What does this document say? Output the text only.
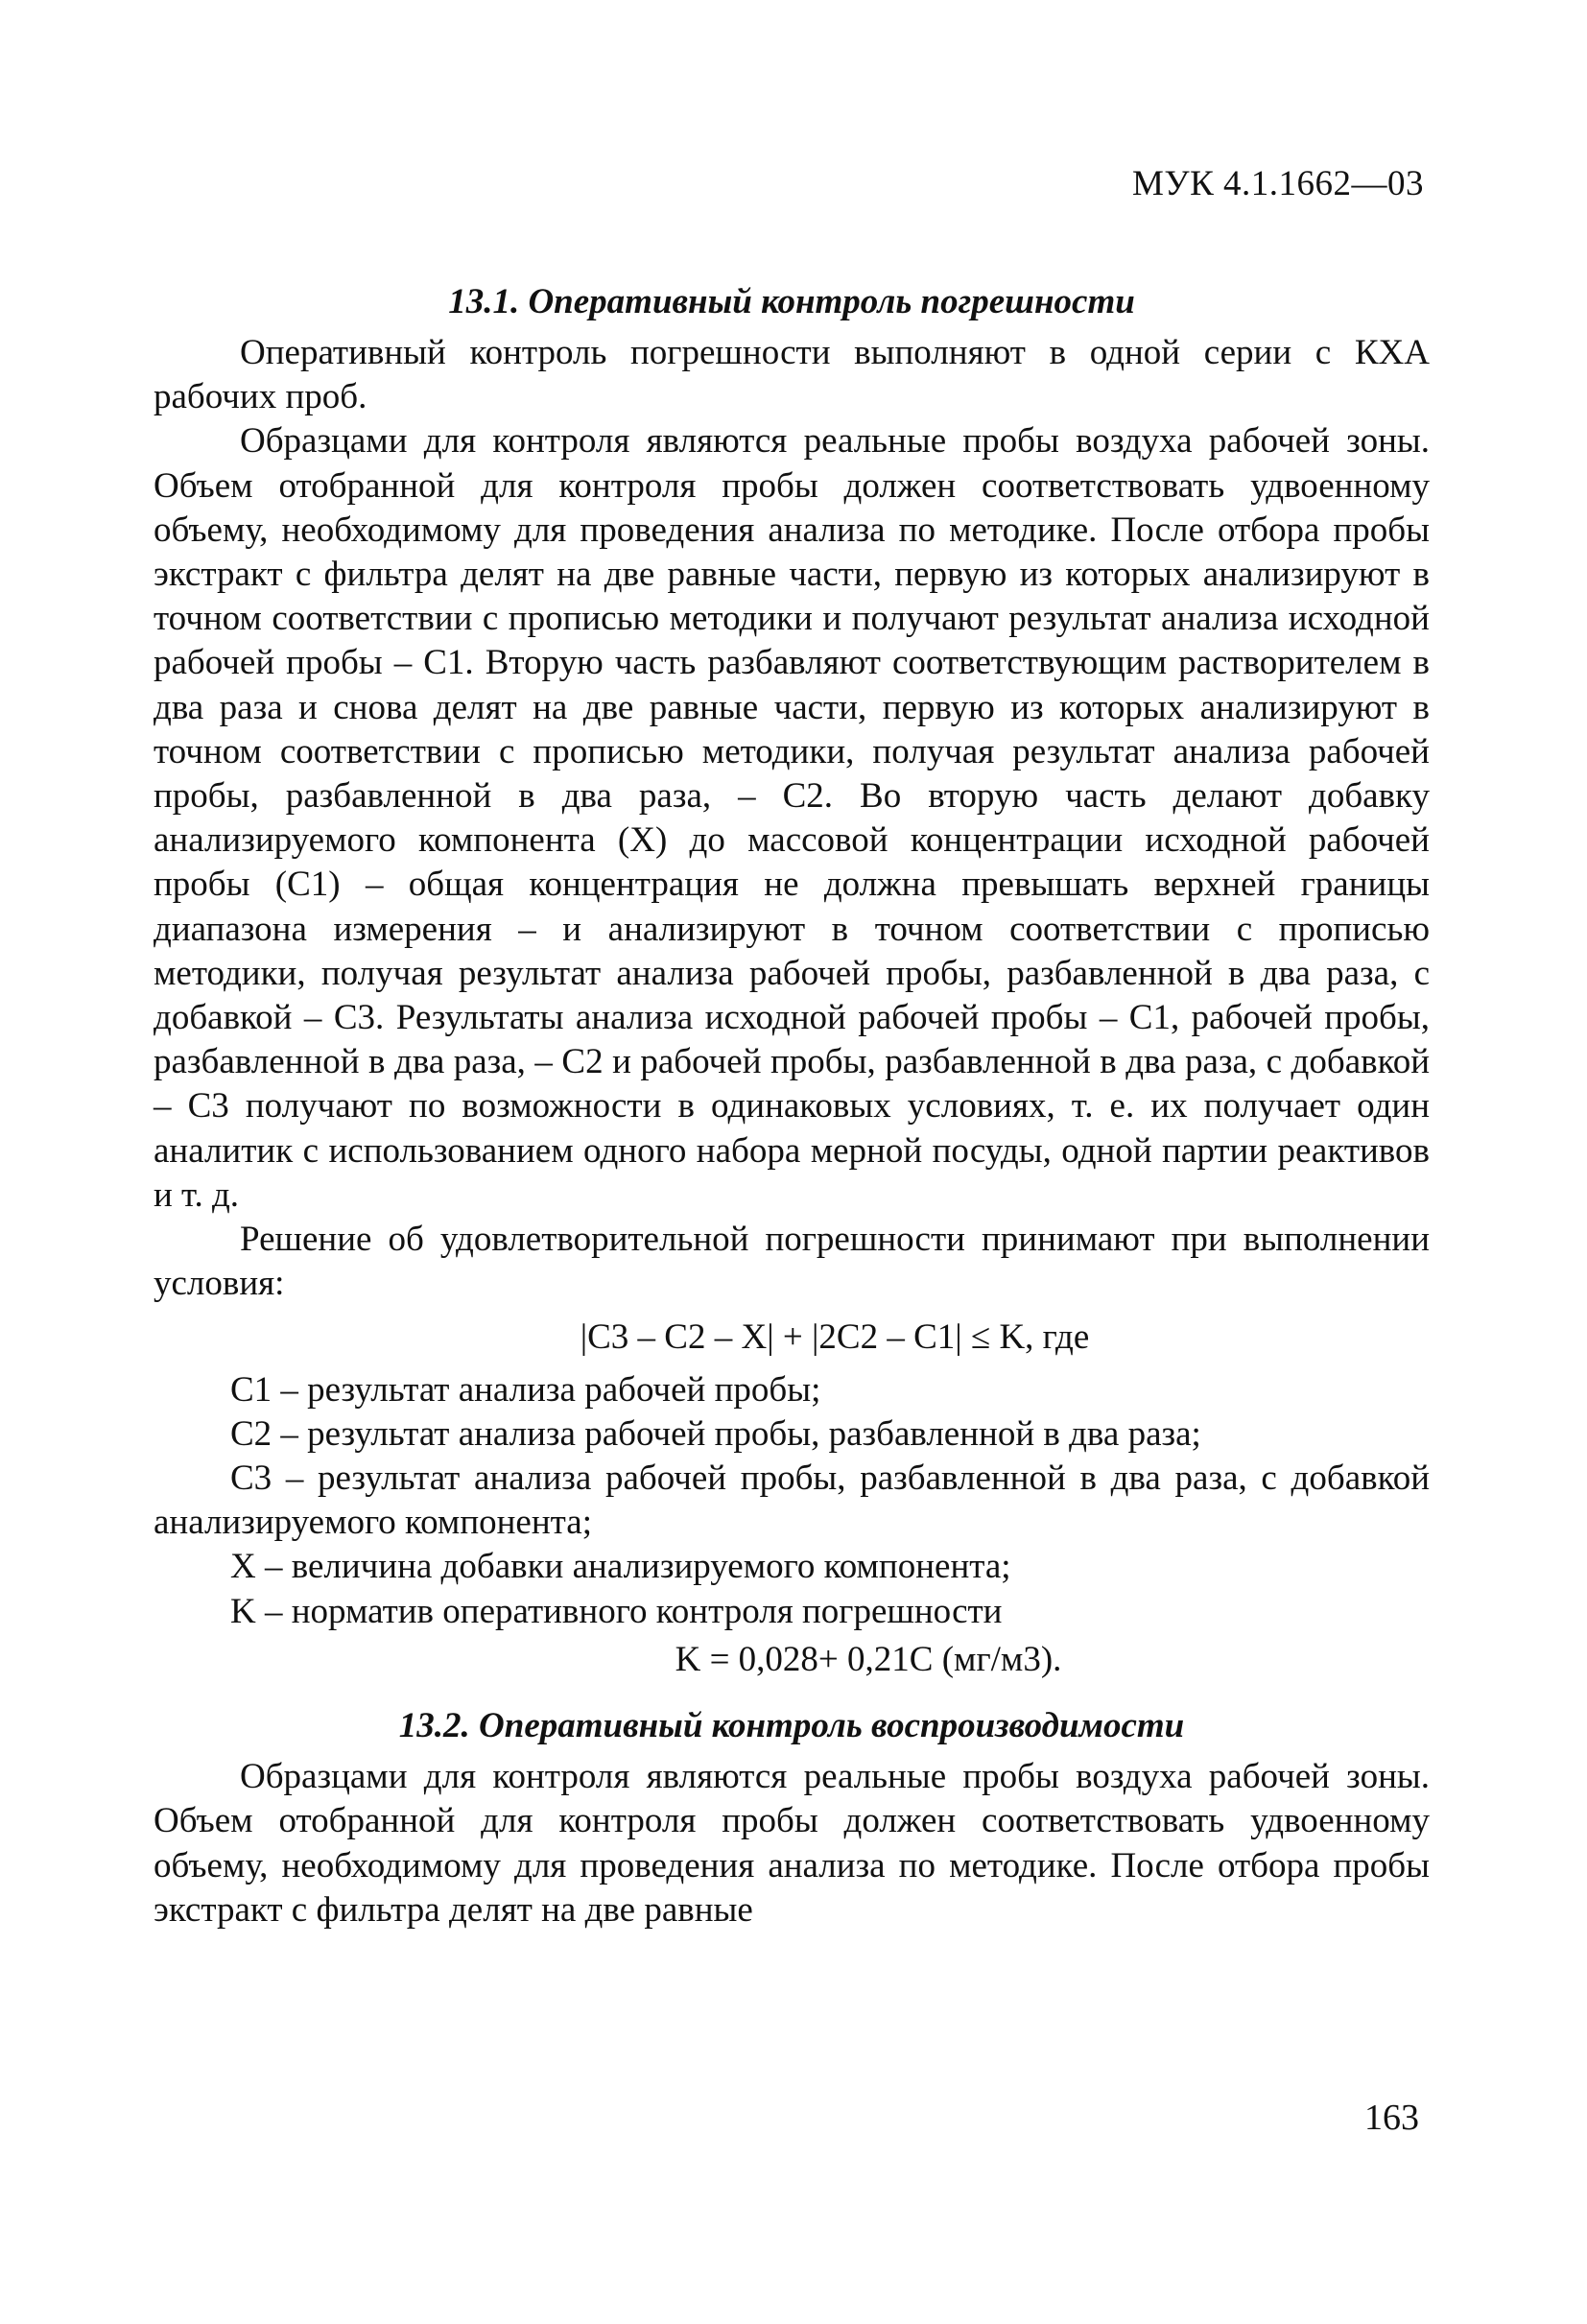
МУК 4.1.1662—03
13.1. Оперативный контроль погрешности

Оперативный контроль погрешности выполняют в одной серии с КХА рабочих проб.

Образцами для контроля являются реальные пробы воздуха рабочей зоны. Объем отобранной для контроля пробы должен соответствовать удвоенному объему, необходимому для проведения анализа по методике. После отбора пробы экстракт с фильтра делят на две равные части, первую из которых анализируют в точном соответствии с прописью методики и получают результат анализа исходной рабочей пробы – C1. Вторую часть разбавляют соответствующим растворителем в два раза и снова делят на две равные части, первую из которых анализируют в точном соответствии с прописью методики, получая результат анализа рабочей пробы, разбавленной в два раза, – C2. Во вторую часть делают добавку анализируемого компонента (X) до массовой концентрации исходной рабочей пробы (C1) – общая концентрация не должна превышать верхней границы диапазона измерения – и анализируют в точном соответствии с прописью методики, получая результат анализа рабочей пробы, разбавленной в два раза, с добавкой – C3. Результаты анализа исходной рабочей пробы – C1, рабочей пробы, разбавленной в два раза, – C2 и рабочей пробы, разбавленной в два раза, с добавкой – C3 получают по возможности в одинаковых условиях, т. е. их получает один аналитик с использованием одного набора мерной посуды, одной партии реактивов и т. д.

Решение об удовлетворительной погрешности принимают при выполнении условия:

|C3 – C2 – X| + |2C2 – C1| ≤ K, где

C1 – результат анализа рабочей пробы;

C2 – результат анализа рабочей пробы, разбавленной в два раза;

C3 – результат анализа рабочей пробы, разбавленной в два раза, с добавкой анализируемого компонента;

X – величина добавки анализируемого компонента;

K – норматив оперативного контроля погрешности

K = 0,028+ 0,21C (мг/м3).
13.2. Оперативный контроль воспроизводимости

Образцами для контроля являются реальные пробы воздуха рабочей зоны. Объем отобранной для контроля пробы должен соответствовать удвоенному объему, необходимому для проведения анализа по методике. После отбора пробы экстракт с фильтра делят на две равные

163
